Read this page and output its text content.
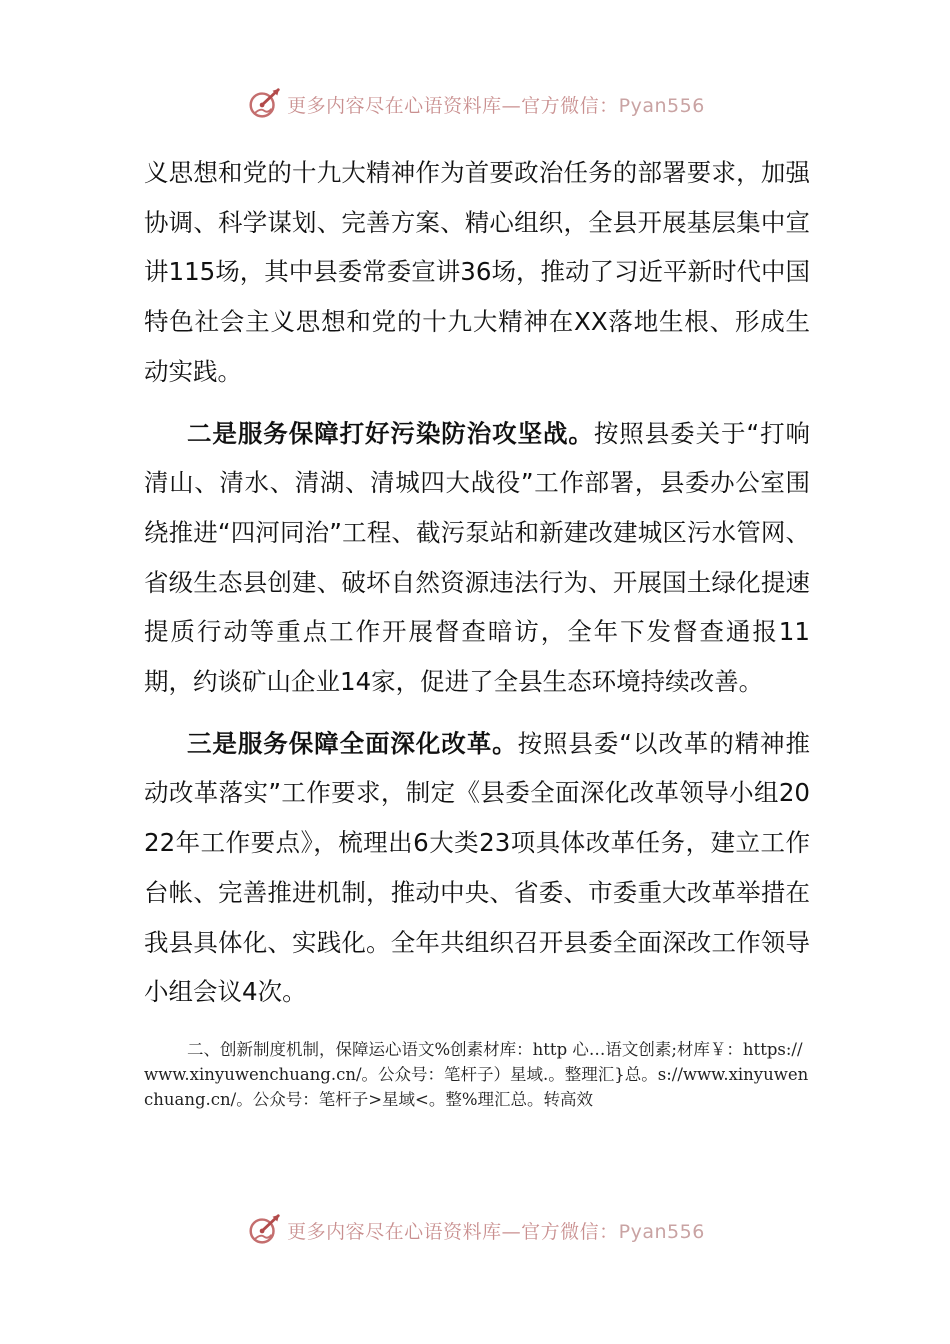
更多内容尽在心语资料库—官方微信：Pyan556

义思想和党的十九大精神作为首要政治任务的部署要求，加强协调、科学谋划、完善方案、精心组织，全县开展基层集中宣讲115场，其中县委常委宣讲36场，推动了习近平新时代中国特色社会主义思想和党的十九大精神在XX落地生根、形成生动实践。

二是服务保障打好污染防治攻坚战。按照县委关于“打响清山、清水、清湖、清城四大战役”工作部署，县委办公室围绕推进“四河同治”工程、截污泵站和新建改建城区污水管网、省级生态县创建、破坏自然资源违法行为、开展国土绿化提速提质行动等重点工作开展督查暗访，全年下发督查通报11期，约谈矿山企业14家，促进了全县生态环境持续改善。

三是服务保障全面深化改革。按照县委“以改革的精神推动改革落实”工作要求，制定《县委全面深化改革领导小组2022年工作要点》，梳理出6大类23项具体改革任务，建立工作台帐、完善推进机制，推动中央、省委、市委重大改革举措在我县具体化、实践化。全年共组织召开县委全面深改工作领导小组会议4次。

二、创新制度机制，保障运心语文%创素材库：http 心…语文创素;材库￥：https://www.xinyuwenchuang.cn/。公众号：笔杆子）星域.。整理汇}总。s://www.xinyuwenchuang.cn/。公众号：笔杆子>星域<。整%理汇总。转高效

更多内容尽在心语资料库—官方微信：Pyan556
